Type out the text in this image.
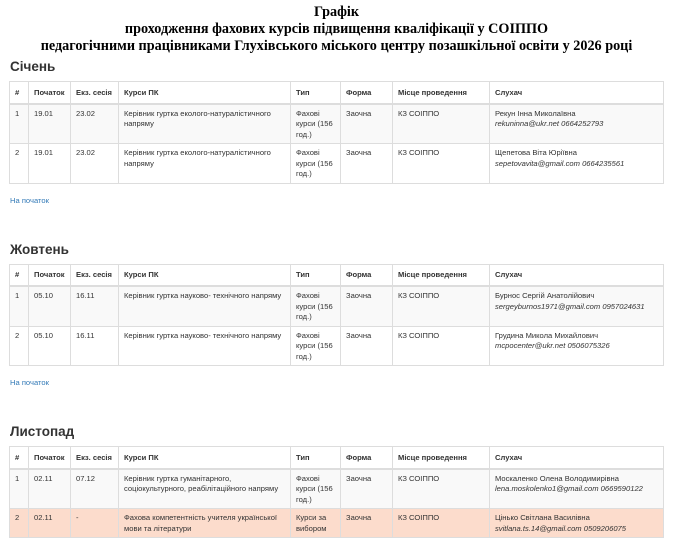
Графік
проходження фахових курсів підвищення кваліфікації у СОІППО
педагогічними працівниками Глухівського міського центру позашкільної освіти у 2026 році
Січень
#	Початок	Екз. сесія	Курси ПК	Тип	Форма	Місце проведення	Слухач
1	19.01	23.02	Керівник гуртка еколого-натуралістичного напряму	Фахові курси (156 год.)	Заочна	КЗ СОІППО	Рекун Інна Миколаївна
rekuninna@ukr.net 0664252793

2	19.01	23.02	Керівник гуртка еколого-натуралістичного напряму	Фахові курси (156 год.)	Заочна	КЗ СОІППО	Щепетова Віта Юріївна
sepetovavita@gmail.com 0664235561
На початок
Жовтень
#	Початок	Екз. сесія	Курси ПК	Тип	Форма	Місце проведення	Слухач
1	05.10	16.11	Керівник гуртка науково- технічного напряму	Фахові курси (156 год.)	Заочна	КЗ СОІППО	Бурнос Сергій Анатолійович
sergeyburnos1971@gmail.com 0957024631

2	05.10	16.11	Керівник гуртка науково- технічного напряму	Фахові курси (156 год.)	Заочна	КЗ СОІППО	Грудина Микола Михайлович
mcpocenter@ukr.net 0506075326
На початок
Листопад
#	Початок	Екз. сесія	Курси ПК	Тип	Форма	Місце проведення	Слухач
1	02.11	07.12	Керівник гуртка гуманітарного, соціокультурного, реабілітаційного напряму	Фахові курси (156 год.)	Заочна	КЗ СОІППО	Москаленко Олена Володимирівна
lena.moskolenko1@gmail.com 0669590122

2	02.11	-	Фахова компетентність учителя української мови та літератури	Курси за вибором	Заочна	КЗ СОІППО	Цінько Світлана Василівна
svitlana.ts.14@gmail.com 0509206075
